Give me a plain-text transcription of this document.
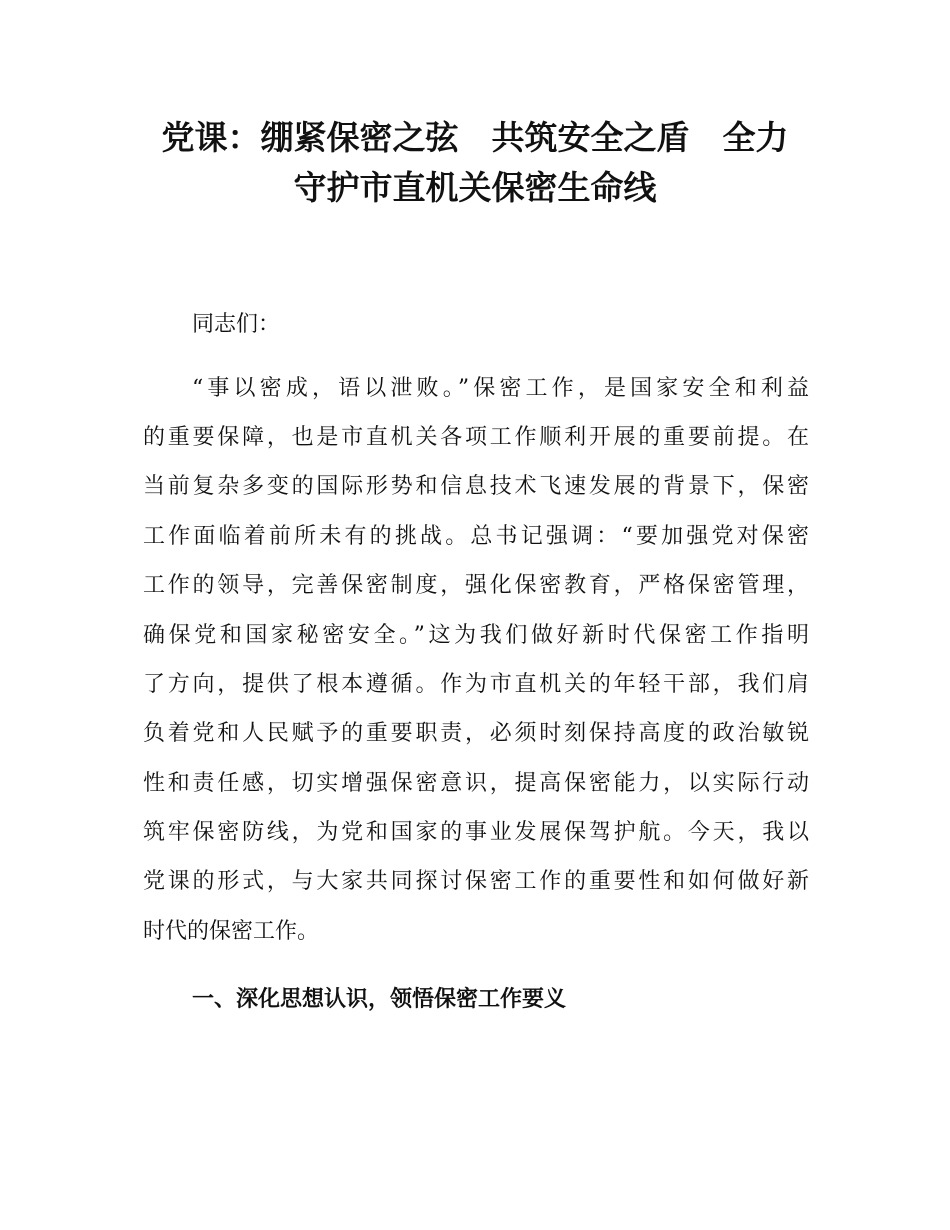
党课：绷紧保密之弦　共筑安全之盾　全力
守护市直机关保密生命线
同志们：
“事以密成，语以泄败。”保密工作，是国家安全和利益
的重要保障，也是市直机关各项工作顺利开展的重要前提。在
当前复杂多变的国际形势和信息技术飞速发展的背景下，保密
工作面临着前所未有的挑战。总书记强调：“要加强党对保密
工作的领导，完善保密制度，强化保密教育，严格保密管理，
确保党和国家秘密安全。”这为我们做好新时代保密工作指明
了方向，提供了根本遵循。作为市直机关的年轻干部，我们肩
负着党和人民赋予的重要职责，必须时刻保持高度的政治敏锐
性和责任感，切实增强保密意识，提高保密能力，以实际行动
筑牢保密防线，为党和国家的事业发展保驾护航。今天，我以
党课的形式，与大家共同探讨保密工作的重要性和如何做好新
时代的保密工作。
一、深化思想认识，领悟保密工作要义
